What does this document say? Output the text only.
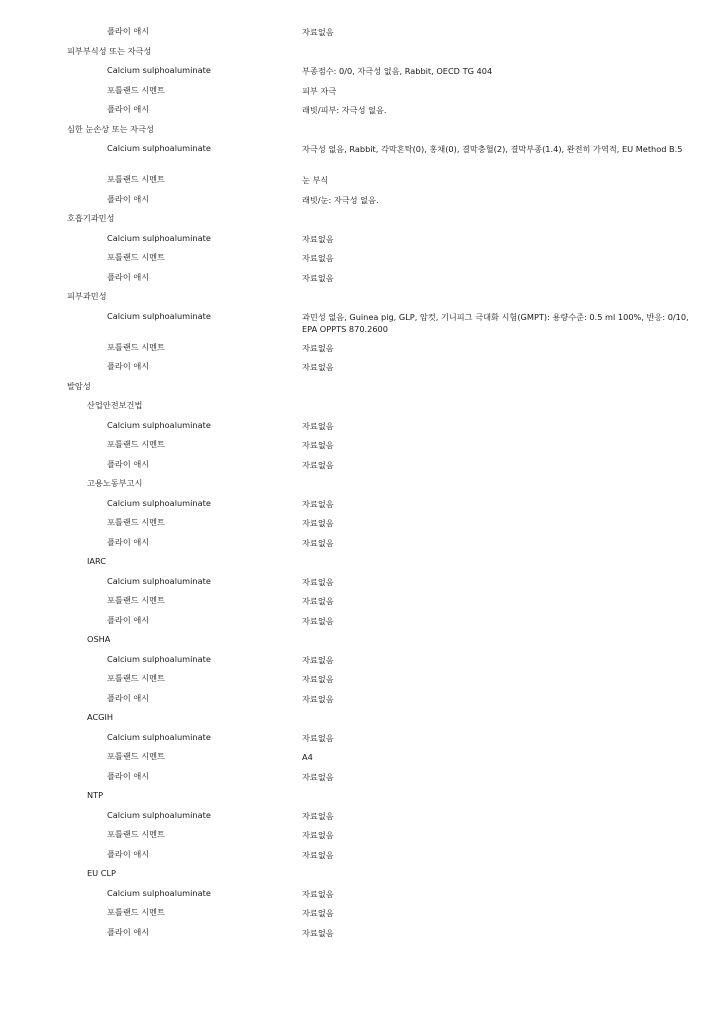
플라이 애시	자료없음
피부부식성 또는 자극성
Calcium sulphoaluminate	부종점수: 0/0, 자극성 없음, Rabbit, OECD TG 404
포틀랜드 시멘트	피부 자극
플라이 애시	래빗/피부: 자극성 없음.
심한 눈손상 또는 자극성
Calcium sulphoaluminate	자극성 없음, Rabbit, 각막혼탁(0), 홍채(0), 결막충혈(2), 결막부종(1.4), 완전히 가역적, EU Method B.5
포틀랜드 시멘트	눈 부식
플라이 애시	래빗/눈: 자극성 없음.
호흡기과민성
Calcium sulphoaluminate	자료없음
포틀랜드 시멘트	자료없음
플라이 애시	자료없음
피부과민성
Calcium sulphoaluminate	과민성 없음, Guinea pig, GLP, 암컷, 기니피그 극대화 시험(GMPT): 용량수준: 0.5 ml 100%, 반응: 0/10, EPA OPPTS 870.2600
포틀랜드 시멘트	자료없음
플라이 애시	자료없음
발암성
산업안전보건법
Calcium sulphoaluminate	자료없음
포틀랜드 시멘트	자료없음
플라이 애시	자료없음
고용노동부고시
Calcium sulphoaluminate	자료없음
포틀랜드 시멘트	자료없음
플라이 애시	자료없음
IARC
Calcium sulphoaluminate	자료없음
포틀랜드 시멘트	자료없음
플라이 애시	자료없음
OSHA
Calcium sulphoaluminate	자료없음
포틀랜드 시멘트	자료없음
플라이 애시	자료없음
ACGIH
Calcium sulphoaluminate	자료없음
포틀랜드 시멘트	A4
플라이 애시	자료없음
NTP
Calcium sulphoaluminate	자료없음
포틀랜드 시멘트	자료없음
플라이 애시	자료없음
EU CLP
Calcium sulphoaluminate	자료없음
포틀랜드 시멘트	자료없음
플라이 애시	자료없음
